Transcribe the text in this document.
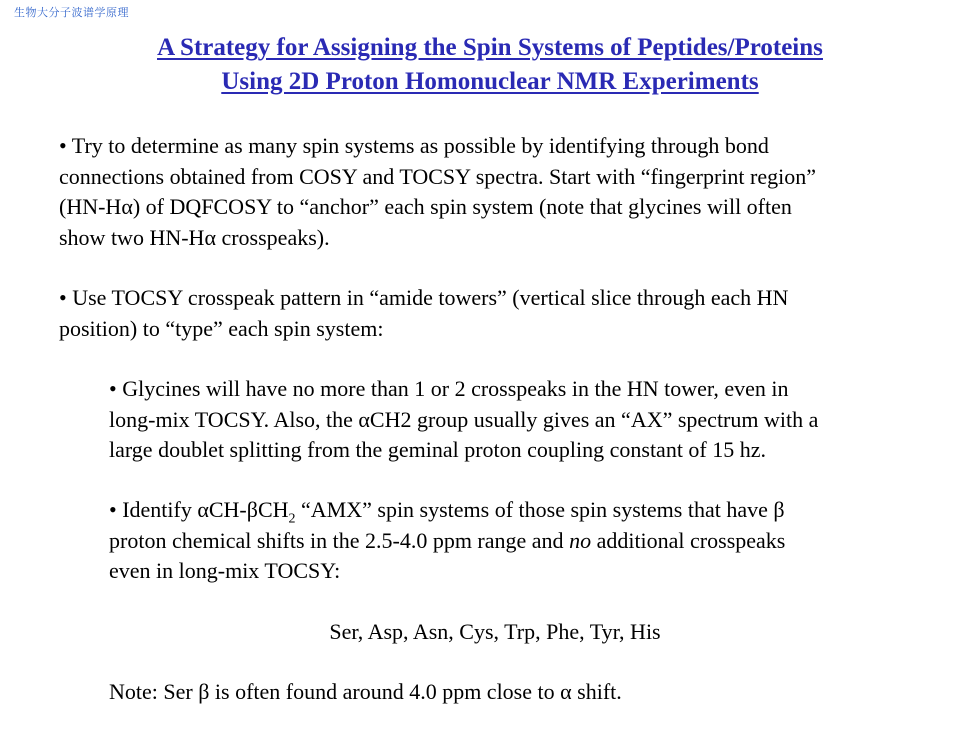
生物大分子波谱学原理
A Strategy for Assigning the Spin Systems of Peptides/Proteins
Using 2D Proton Homonuclear NMR Experiments
• Try to determine as many spin systems as possible by identifying through bond
connections obtained from COSY and TOCSY spectra. Start with “fingerprint region”
(HN-Hα) of DQFCOSY to “anchor” each spin system (note that glycines will often
show two HN-Hα crosspeaks).
• Use TOCSY crosspeak pattern in “amide towers” (vertical slice through each HN
position) to “type” each spin system:
• Glycines will have no more than 1 or 2 crosspeaks in the HN tower, even in
long-mix TOCSY. Also, the αCH2 group usually gives an “AX” spectrum with a
large doublet splitting from the geminal proton coupling constant of 15 hz.
• Identify αCH-βCH$_2$ “AMX” spin systems of those spin systems that have β
proton chemical shifts in the 2.5-4.0 ppm range and no additional crosspeaks
even in long-mix TOCSY:
Ser, Asp, Asn, Cys, Trp, Phe, Tyr, His
Note: Ser β is often found around 4.0 ppm close to α shift.
